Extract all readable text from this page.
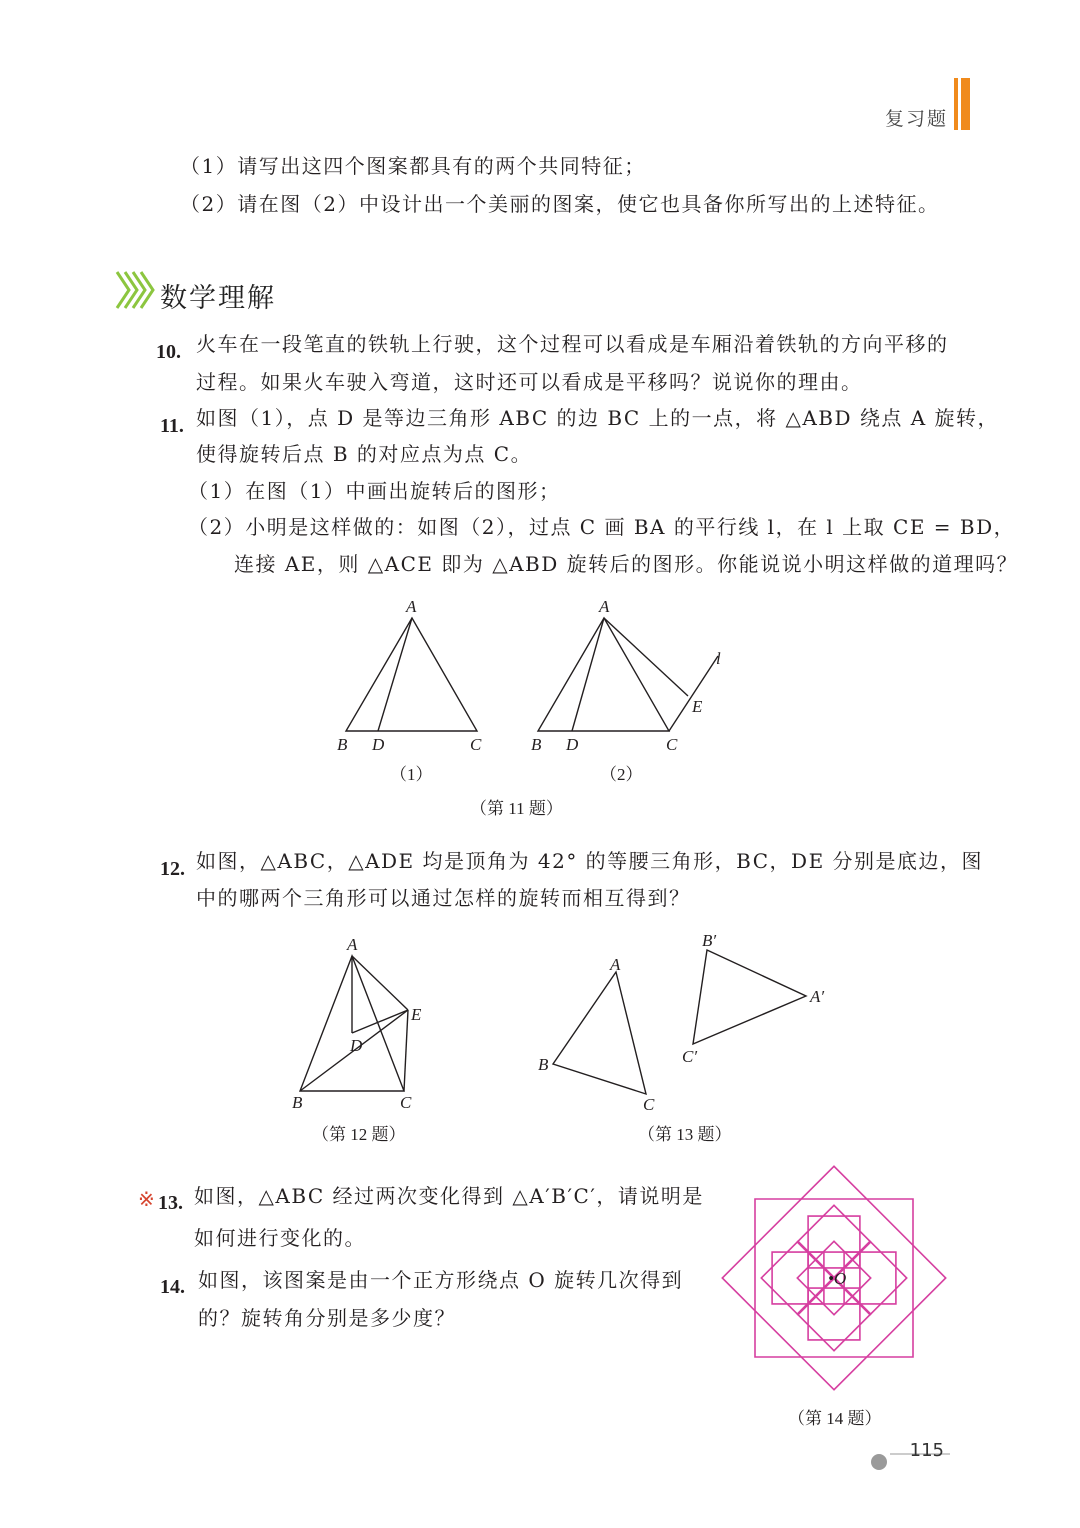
复习题
（1）请写出这四个图案都具有的两个共同特征；
（2）请在图（2）中设计出一个美丽的图案，使它也具备你所写出的上述特征。
数学理解
10. 火车在一段笔直的铁轨上行驶，这个过程可以看成是车厢沿着铁轨的方向平移的
过程。如果火车驶入弯道，这时还可以看成是平移吗？说说你的理由。
11. 如图（1），点 D 是等边三角形 ABC 的边 BC 上的一点，将 △ABD 绕点 A 旋转，
使得旋转后点 B 的对应点为点 C。
（1）在图（1）中画出旋转后的图形；
（2）小明是这样做的：如图（2），过点 C 画 BA 的平行线 l，在 l 上取 CE = BD，
连接 AE，则 △ACE 即为 △ABD 旋转后的图形。你能说说小明这样做的道理吗？
A
B D	C
A
B D	C
E
l
（1）	（2）
（第 11 题）
12. 如图，△ABC，△ADE 均是顶角为 42° 的等腰三角形，BC，DE 分别是底边，图
中的哪两个三角形可以通过怎样的旋转而相互得到？
A
B	C
D
E
（第 12 题）
A
B
C
B′
A′
C′
（第 13 题）
※ 13. 如图，△ABC 经过两次变化得到 △A′B′C′，请说明是
如何进行变化的。
14. 如图，该图案是由一个正方形绕点 O 旋转几次得到
的？旋转角分别是多少度？
•O
（第 14 题）
115
